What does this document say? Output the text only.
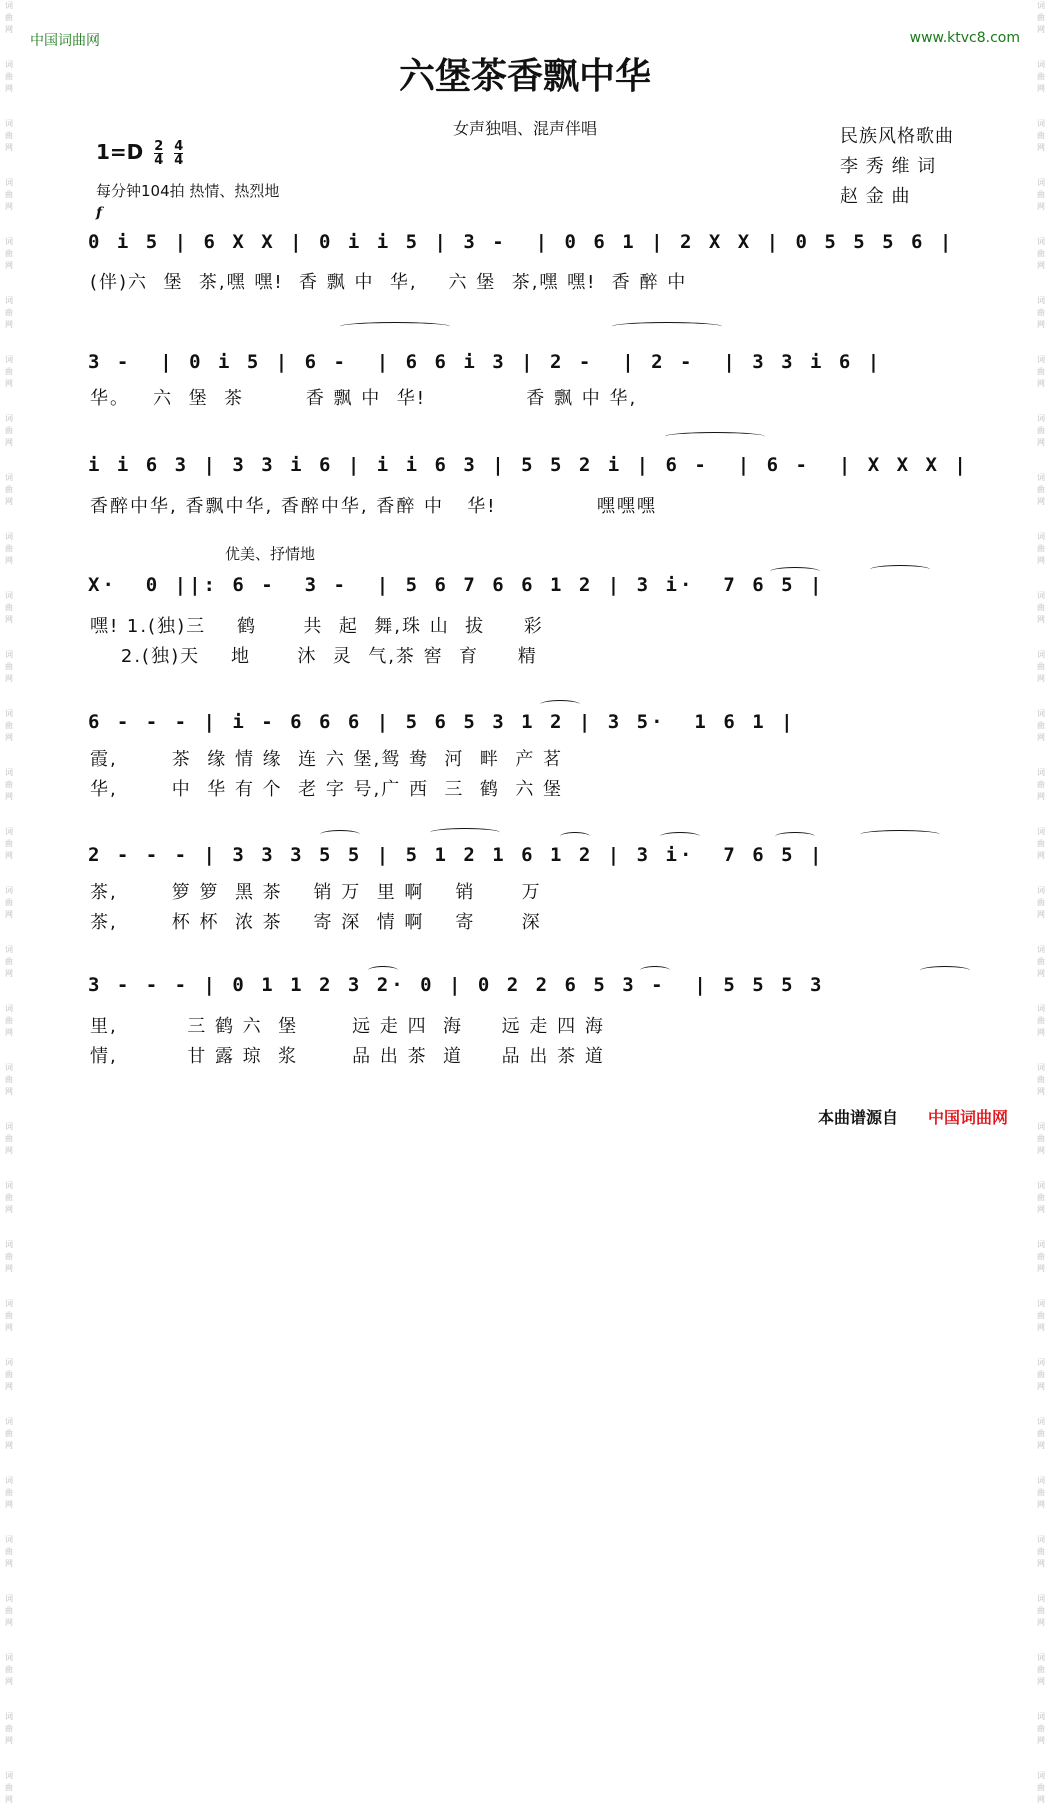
词
曲
网
词
曲
网
词
曲
网
词
曲
网
词
曲
网
词
曲
网
词
曲
网
词
曲
网
词
曲
网
词
曲
网
词
曲
网
词
曲
网
词
曲
网
词
曲
网
词
曲
网
词
曲
网
词
曲
网
词
曲
网
词
曲
网
词
曲
网
词
曲
网
词
曲
网
词
曲
网
词
曲
网
词
曲
网
词
曲
网
词
曲
网
词
曲
网
词
曲
网
词
曲
网
词
曲
网
词
曲
网
词
曲
网
词
曲
网
词
曲
网
词
曲
网
词
曲
网
词
曲
网
词
曲
网
词
曲
网
词
曲
网
词
曲
网
词
曲
网
词
曲
网
词
曲
网
词
曲
网
词
曲
网
词
曲
网
词
曲
网
词
曲
网
词
曲
网
词
曲
网
词
曲
网
词
曲
网
词
曲
网
词
曲
网
词
曲
网
词
曲
网
词
曲
网
词
曲
网
词
曲
网
词
曲
网
中国词曲网	www.ktvc8.com
六堡茶香飘中华
女声独唱、混声伴唱	民族风格歌曲
李 秀 维 词
赵 金 曲
$1=D \frac{2}{4}$
$\frac{4}{4}$
每分钟104拍 热情、热烈地
f
优美、抒情地
0 i 5 | 6 X X | 0 i i 5 | 3 -  | 0 6 1 | 2 X X | 0 5 5 5 6 |
(伴)六  堡  茶,嘿 嘿!  香 飘 中  华,    六 堡  茶,嘿 嘿!  香 醉 中
3 -  | 0 i 5 | 6 -  | 6 6 i 3 | 2 -  | 2 -  | 3 3 i 6 |
华。   六  堡  茶        香 飘 中  华!             香 飘 中 华,
i i 6 3 | 3 3 i 6 | i i 6 3 | 5 5 2 i | 6 -  | 6 -  | X X X |
香醉中华, 香飘中华, 香醉中华, 香醉 中   华!             嘿嘿嘿
X·  0 ||: 6 -  3 -  | 5 6 7 6 6 1 2 | 3 i·  7 6 5 |
嘿! 1.(独)三    鹤      共  起  舞,珠 山  拔     彩
2.(独)天    地      沐  灵  气,茶 窖  育     精
6 - - - | i - 6 6 6 | 5 6 5 3 1 2 | 3 5·  1 6 1 |
霞,       茶  缘 情 缘  连 六 堡,鸳 鸯  河  畔  产 茗
华,       中  华 有 个  老 字 号,广 西  三  鹤  六 堡
2 - - - | 3 3 3 5 5 | 5 1 2 1 6 1 2 | 3 i·  7 6 5 |
茶,       箩 箩  黑 茶    销 万  里 啊    销      万
茶,       杯 杯  浓 茶    寄 深  情 啊    寄      深
3 - - - | 0 1 1 2 3 2· 0 | 0 2 2 6 5 3 -  | 5 5 5 3
里,         三 鹤 六  堡       远 走 四  海     远 走 四 海
情,         甘 露 琼  浆       品 出 茶  道     品 出 茶 道
本曲谱源自 中国词曲网
